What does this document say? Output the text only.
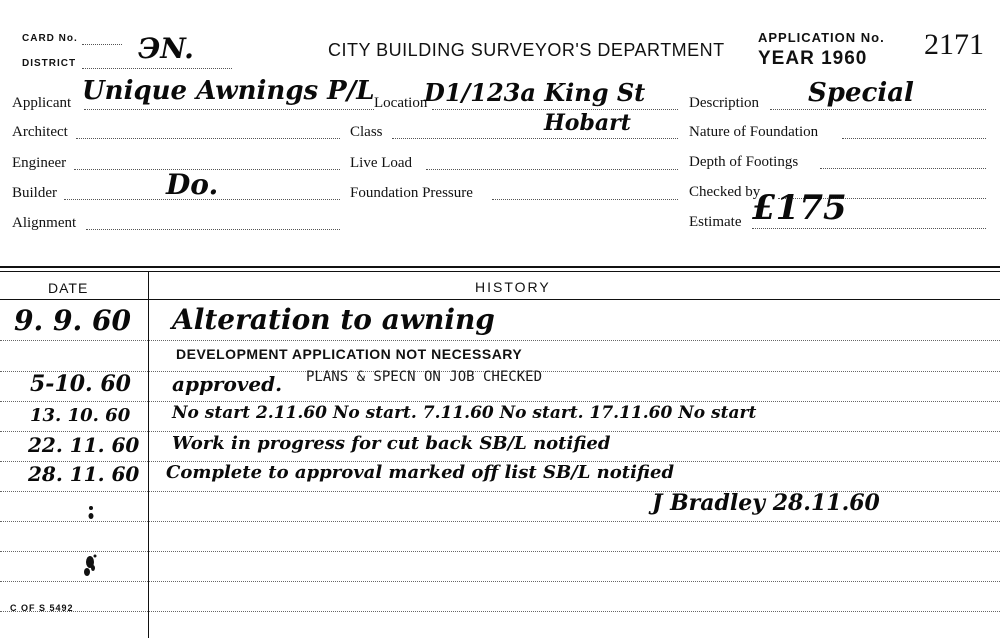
CARD No.
DISTRICT ЭN.	CITY BUILDING SURVEYOR'S DEPARTMENT
APPLICATION No.
YEAR 1960 2171
Applicant Unique Awnings P/L
Architect
Engineer
Builder	Do.
Alignment
Location
D1/123a King St
Hobart
Class
Live Load
Foundation Pressure
Description Special
Nature of Foundation
Depth of Footings
Checked by
Estimate £175
DATE	HISTORY
9. 9. 60 Alteration to awning
DEVELOPMENT APPLICATION NOT NECESSARY
5-10. 60 approved. PLANS & SPECN ON JOB CHECKED
13. 10. 60 No start 2.11.60 No start. 7.11.60 No start. 17.11.60 No start
22. 11. 60 Work in progress for cut back SB/L notified
28. 11. 60 Complete to approval marked off list SB/L notified
J Bradley 28.11.60
C OF S 5492
